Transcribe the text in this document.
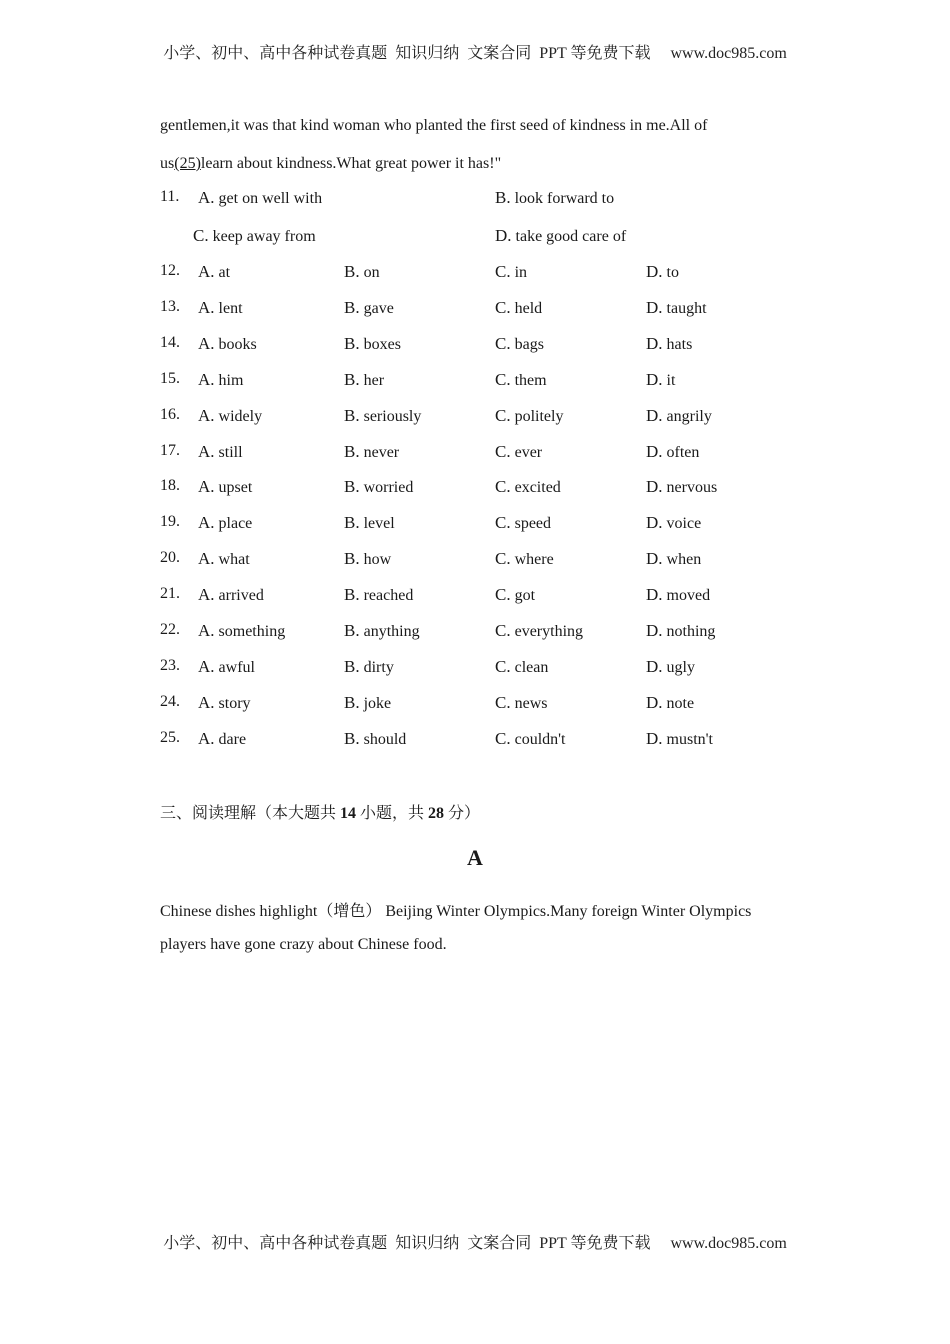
小学、初中、高中各种试卷真题  知识归纳  文案合同  PPT 等免费下载     www.doc985.com
gentlemen,it was that kind woman who planted the first seed of kindness in me.All of
us(25)learn about kindness.What great power it has!"
11. A. get on well with	B. look forward to
C. keep away from	D. take good care of
12. A. at	B. on	C. in	D. to
13. A. lent	B. gave	C. held	D. taught
14. A. books	B. boxes	C. bags	D. hats
15. A. him	B. her	C. them	D. it
16. A. widely	B. seriously	C. politely	D. angrily
17. A. still	B. never	C. ever	D. often
18. A. upset	B. worried	C. excited	D. nervous
19. A. place	B. level	C. speed	D. voice
20. A. what	B. how	C. where	D. when
21. A. arrived	B. reached	C. got	D. moved
22. A. something	B. anything	C. everything	D. nothing
23. A. awful	B. dirty	C. clean	D. ugly
24. A. story	B. joke	C. news	D. note
25. A. dare	B. should	C. couldn't	D. mustn't
三、阅读理解（本大题共 14 小题，共 28 分）
A
Chinese dishes highlight（增色） Beijing Winter Olympics.Many foreign Winter Olympics
players have gone crazy about Chinese food.
小学、初中、高中各种试卷真题  知识归纳  文案合同  PPT 等免费下载     www.doc985.com
